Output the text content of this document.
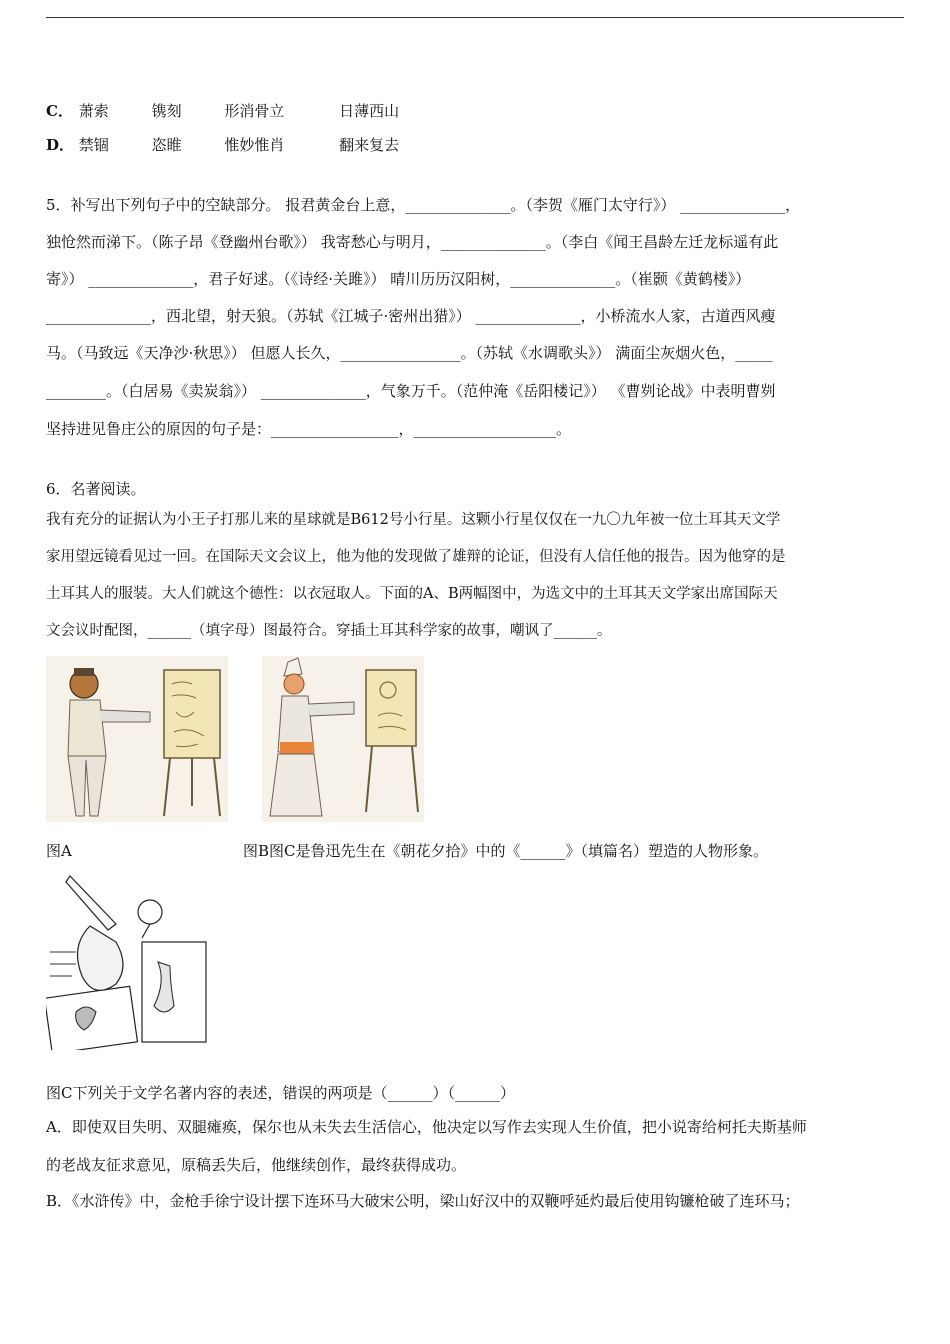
C． 萧索	镌刻	形消骨立	日薄西山
D． 禁锢	恣睢	惟妙惟肖	翻来复去
5．补写出下列句子中的空缺部分。 报君黄金台上意，______________。（李贺《雁门太守行》） ______________，
独怆然而涕下。（陈子昂《登幽州台歌》） 我寄愁心与明月，______________。（李白《闻王昌龄左迁龙标遥有此
寄》） ______________，君子好逑。（《诗经·关雎》） 晴川历历汉阳树，______________。（崔颢《黄鹤楼》）
______________，西北望，射天狼。（苏轼《江城子·密州出猎》） ______________，小桥流水人家，古道西风瘦
马。（马致远《天净沙·秋思》） 但愿人长久，________________。（苏轼《水调歌头》） 满面尘灰烟火色，_____
________。（白居易《卖炭翁》） ______________，气象万千。（范仲淹《岳阳楼记》） 《曹刿论战》中表明曹刿
坚持进见鲁庄公的原因的句子是：_________________，___________________。
6．名著阅读。
我有充分的证据认为小王子打那儿来的星球就是B612号小行星。这颗小行星仅仅在一九〇九年被一位土耳其天文学
家用望远镜看见过一回。在国际天文会议上，他为他的发现做了雄辩的论证，但没有人信任他的报告。因为他穿的是
土耳其人的服装。大人们就这个德性：以衣冠取人。下面的A、B两幅图中，为选文中的土耳其天文学家出席国际天
文会议时配图，______（填字母）图最符合。穿插土耳其科学家的故事，嘲讽了______。
图A	图B图C是鲁迅先生在《朝花夕拾》中的《______》（填篇名）塑造的人物形象。
图C下列关于文学名著内容的表述，错误的两项是（______）（______）
A．即使双目失明、双腿瘫痪，保尔也从未失去生活信心，他决定以写作去实现人生价值，把小说寄给柯托夫斯基师
的老战友征求意见，原稿丢失后，他继续创作，最终获得成功。
B．《水浒传》中，金枪手徐宁设计摆下连环马大破宋公明，梁山好汉中的双鞭呼延灼最后使用钩镰枪破了连环马；
